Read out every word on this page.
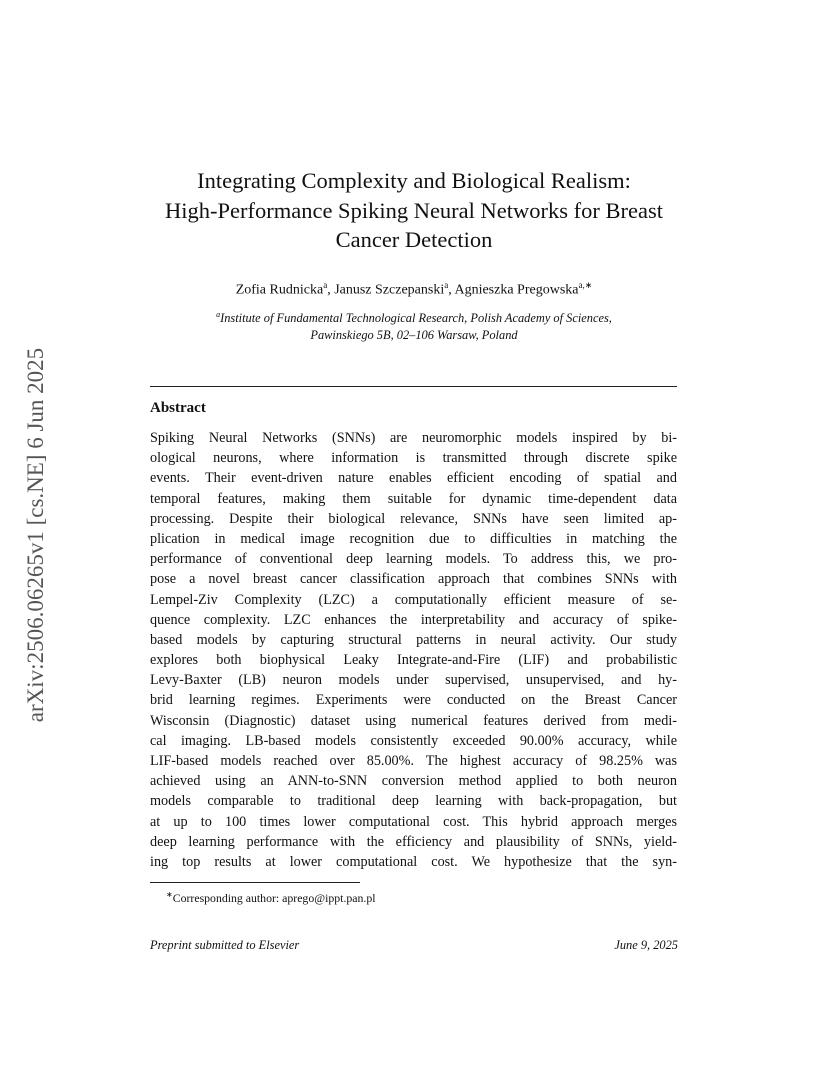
arXiv:2506.06265v1 [cs.NE] 6 Jun 2025
Integrating Complexity and Biological Realism:
High-Performance Spiking Neural Networks for Breast
Cancer Detection
Zofia Rudnicka$^a$, Janusz Szczepanski$^a$, Agnieszka Pregowska$^{a,∗}$
$^a$Institute of Fundamental Technological Research, Polish Academy of Sciences,
Pawinskiego 5B, 02–106 Warsaw, Poland
Abstract
Spiking Neural Networks (SNNs) are neuromorphic models inspired by bi-
ological neurons, where information is transmitted through discrete spike
events. Their event-driven nature enables efficient encoding of spatial and
temporal features, making them suitable for dynamic time-dependent data
processing. Despite their biological relevance, SNNs have seen limited ap-
plication in medical image recognition due to difficulties in matching the
performance of conventional deep learning models. To address this, we pro-
pose a novel breast cancer classification approach that combines SNNs with
Lempel-Ziv Complexity (LZC) a computationally efficient measure of se-
quence complexity. LZC enhances the interpretability and accuracy of spike-
based models by capturing structural patterns in neural activity. Our study
explores both biophysical Leaky Integrate-and-Fire (LIF) and probabilistic
Levy-Baxter (LB) neuron models under supervised, unsupervised, and hy-
brid learning regimes. Experiments were conducted on the Breast Cancer
Wisconsin (Diagnostic) dataset using numerical features derived from medi-
cal imaging. LB-based models consistently exceeded 90.00% accuracy, while
LIF-based models reached over 85.00%. The highest accuracy of 98.25% was
achieved using an ANN-to-SNN conversion method applied to both neuron
models comparable to traditional deep learning with back-propagation, but
at up to 100 times lower computational cost. This hybrid approach merges
deep learning performance with the efficiency and plausibility of SNNs, yield-
ing top results at lower computational cost. We hypothesize that the syn-
∗Corresponding author: aprego@ippt.pan.pl
Preprint submitted to Elsevier	June 9, 2025
